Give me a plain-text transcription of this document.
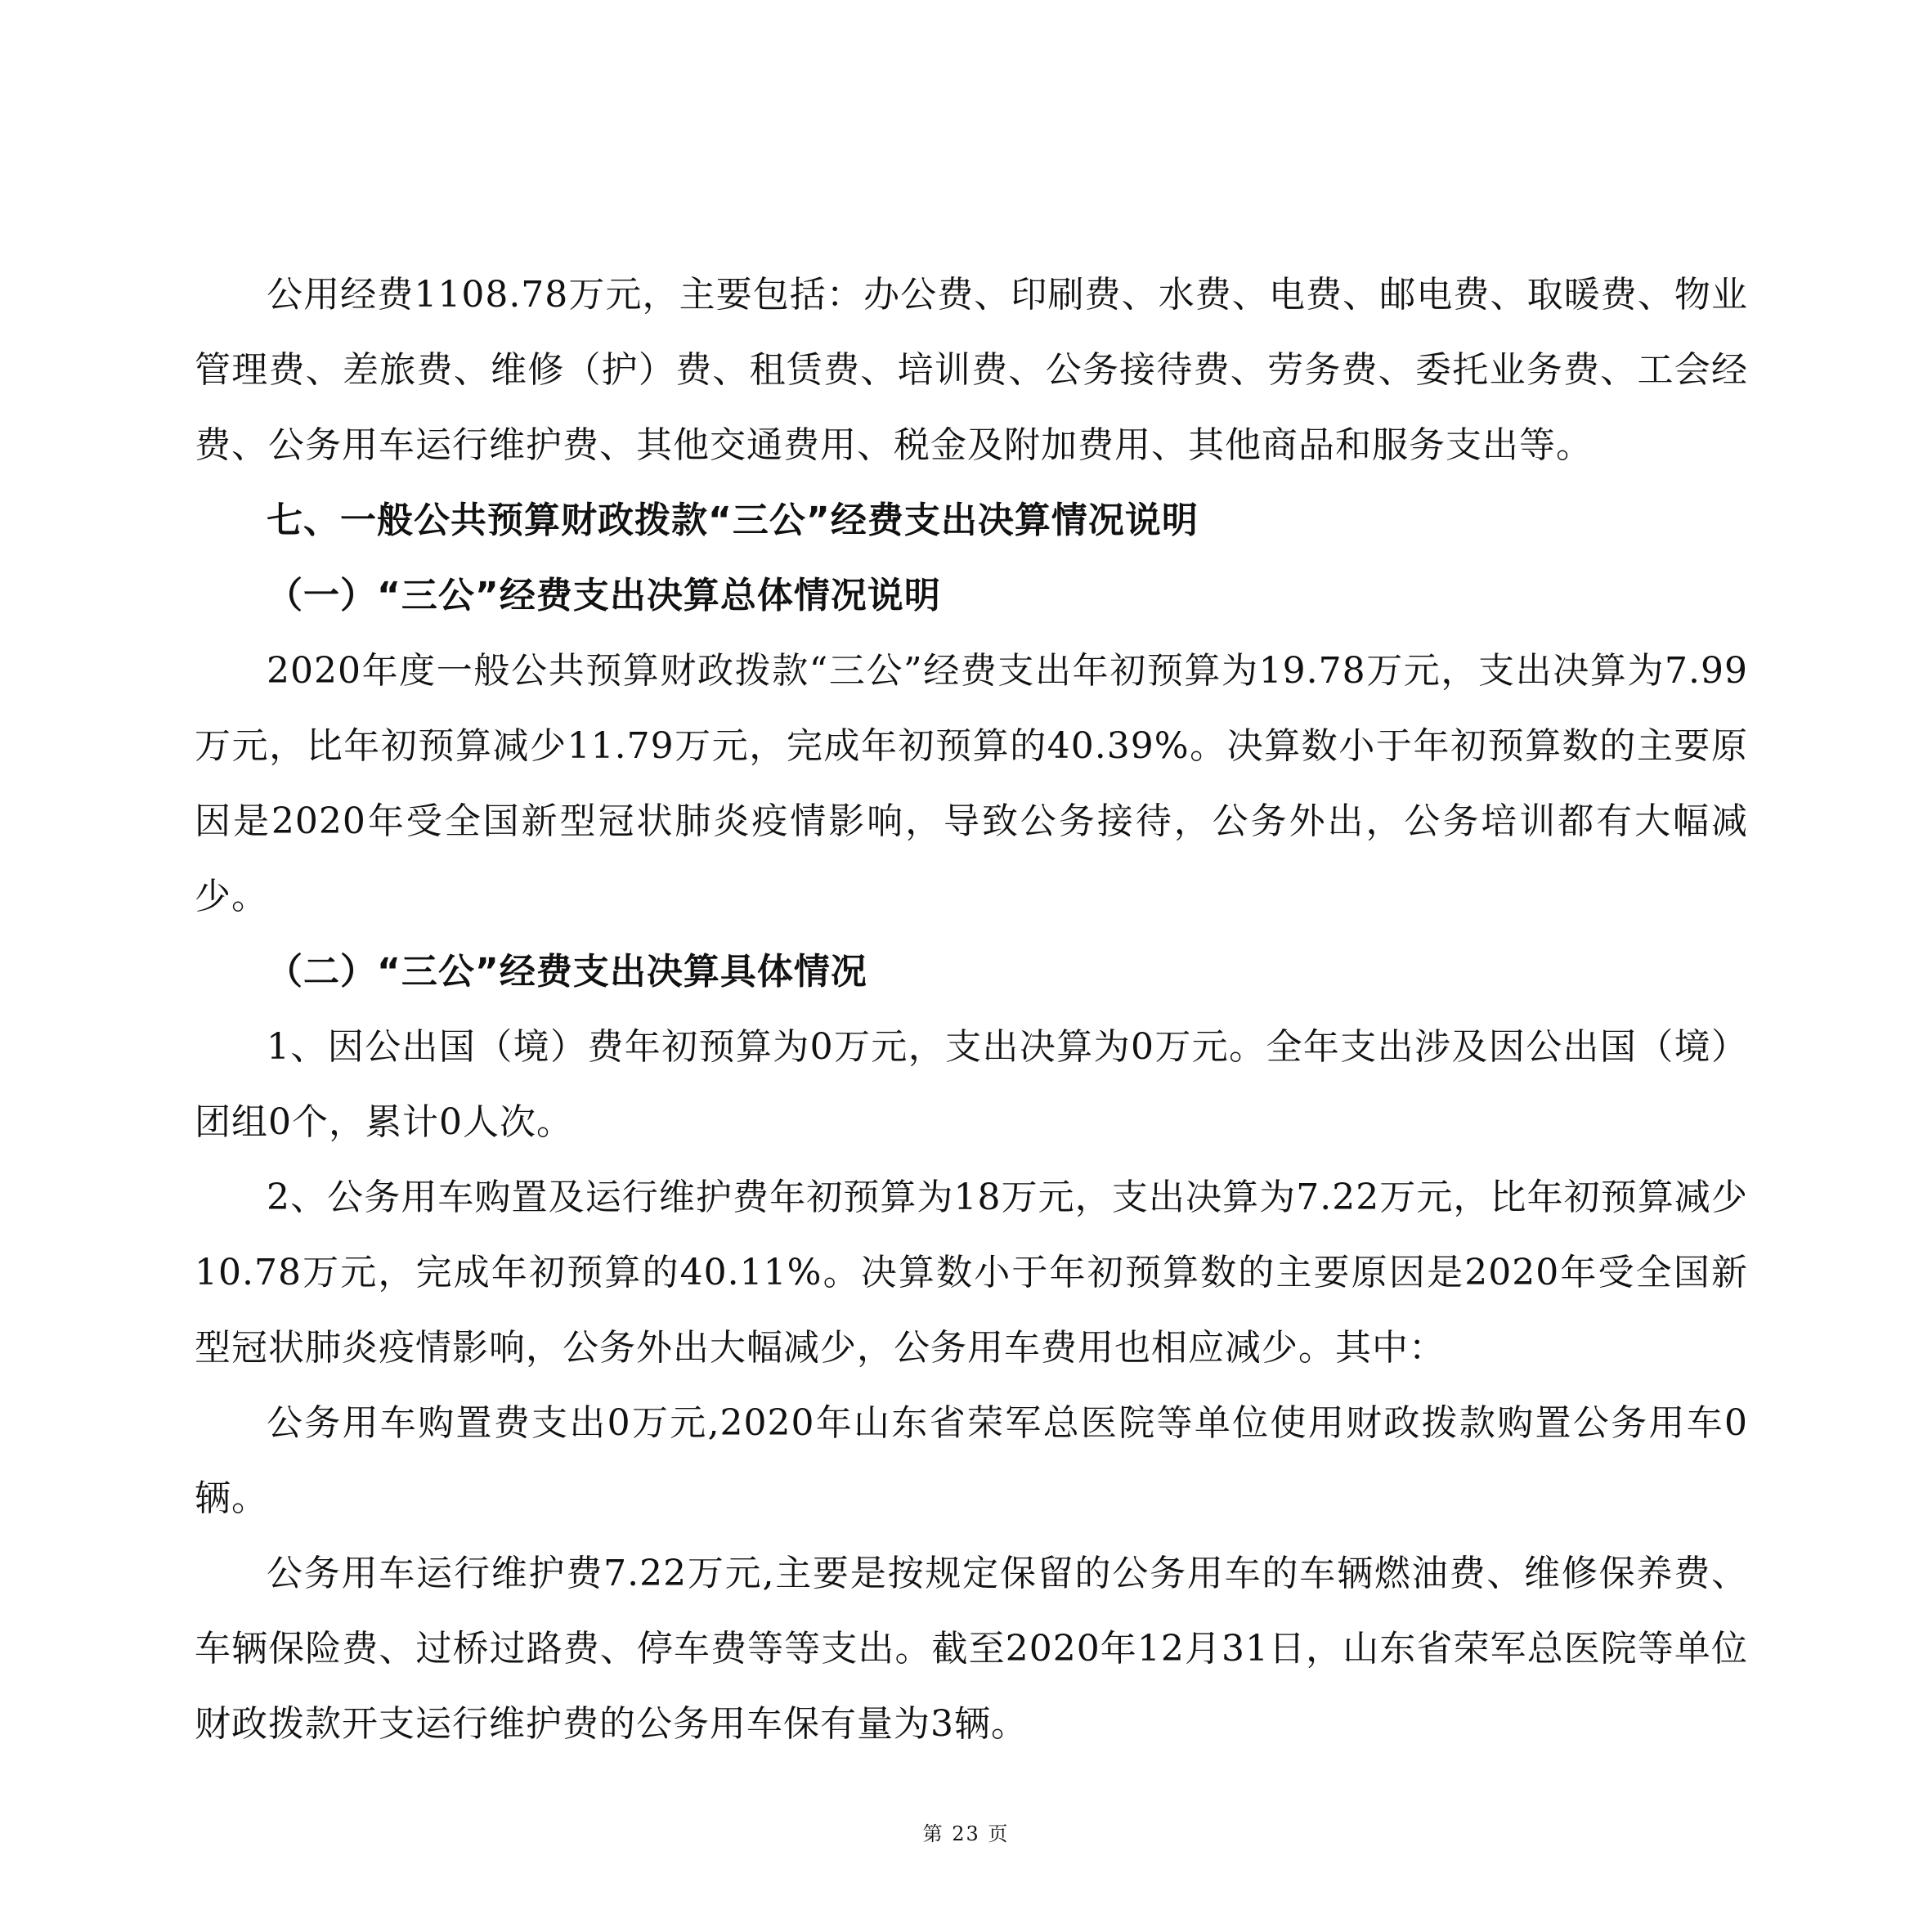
公用经费1108.78万元，主要包括：办公费、印刷费、水费、电费、邮电费、取暖费、物业管理费、差旅费、维修（护）费、租赁费、培训费、公务接待费、劳务费、委托业务费、工会经费、公务用车运行维护费、其他交通费用、税金及附加费用、其他商品和服务支出等。

七、一般公共预算财政拨款“三公”经费支出决算情况说明

（一）“三公”经费支出决算总体情况说明

2020年度一般公共预算财政拨款“三公”经费支出年初预算为19.78万元，支出决算为7.99万元，比年初预算减少11.79万元，完成年初预算的40.39%。决算数小于年初预算数的主要原因是2020年受全国新型冠状肺炎疫情影响，导致公务接待，公务外出，公务培训都有大幅减少。

（二）“三公”经费支出决算具体情况

1、因公出国（境）费年初预算为0万元，支出决算为0万元。全年支出涉及因公出国（境）团组0个，累计0人次。

2、公务用车购置及运行维护费年初预算为18万元，支出决算为7.22万元，比年初预算减少10.78万元，完成年初预算的40.11%。决算数小于年初预算数的主要原因是2020年受全国新型冠状肺炎疫情影响，公务外出大幅减少，公务用车费用也相应减少。其中：

公务用车购置费支出0万元,2020年山东省荣军总医院等单位使用财政拨款购置公务用车0辆。

公务用车运行维护费7.22万元,主要是按规定保留的公务用车的车辆燃油费、维修保养费、车辆保险费、过桥过路费、停车费等等支出。截至2020年12月31日，山东省荣军总医院等单位财政拨款开支运行维护费的公务用车保有量为3辆。

第 23 页
